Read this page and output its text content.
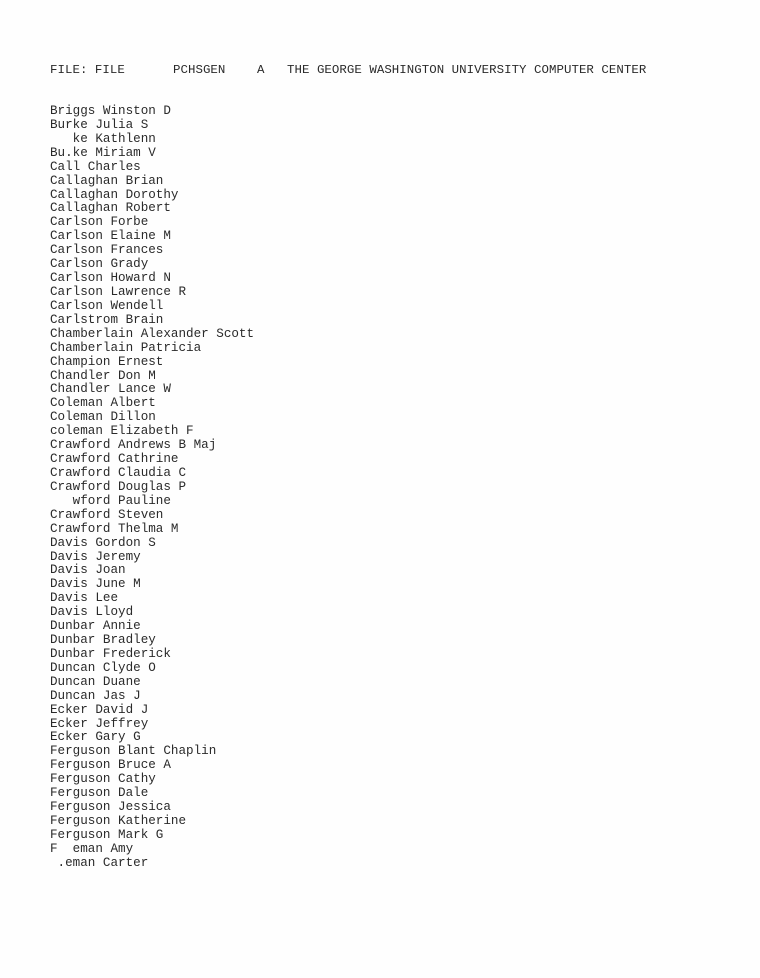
FILE: FILE	PCHSGEN	A THE GEORGE WASHINGTON UNIVERSITY COMPUTER CENTER
Briggs Winston D
Burke Julia S
ke Kathlenn
Bu.ke Miriam V
Call Charles
Callaghan Brian
Callaghan Dorothy
Callaghan Robert
Carlson Forbe
Carlson Elaine M
Carlson Frances
Carlson Grady
Carlson Howard N
Carlson Lawrence R
Carlson Wendell
Carlstrom Brain
Chamberlain Alexander Scott
Chamberlain Patricia
Champion Ernest
Chandler Don M
Chandler Lance W
Coleman Albert
Coleman Dillon
coleman Elizabeth F
Crawford Andrews B Maj
Crawford Cathrine
Crawford Claudia C
Crawford Douglas P
wford Pauline
Crawford Steven
Crawford Thelma M
Davis Gordon S
Davis Jeremy
Davis Joan
Davis June M
Davis Lee
Davis Lloyd
Dunbar Annie
Dunbar Bradley
Dunbar Frederick
Duncan Clyde O
Duncan Duane
Duncan Jas J
Ecker David J
Ecker Jeffrey
Ecker Gary G
Ferguson Blant Chaplin
Ferguson Bruce A
Ferguson Cathy
Ferguson Dale
Ferguson Jessica
Ferguson Katherine
Ferguson Mark G
F  eman Amy
.eman Carter
